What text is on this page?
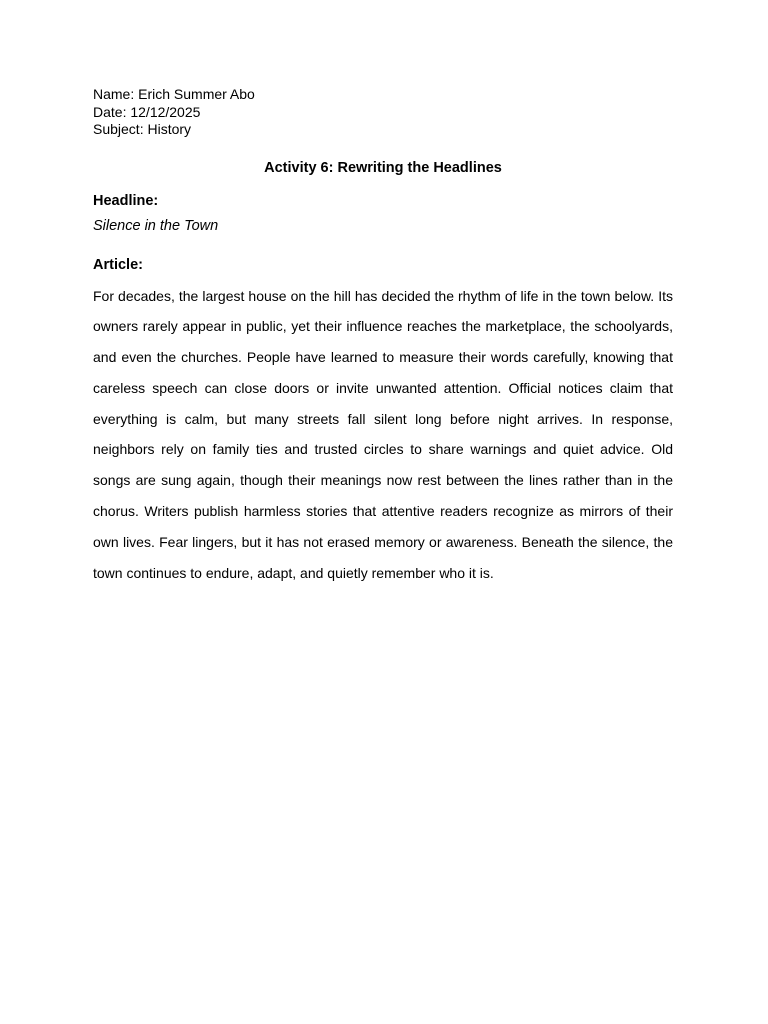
Name: Erich Summer Abo

Date: 12/12/2025

Subject: History

Activity 6: Rewriting the Headlines
Headline:

Silence in the Town

Article:

For decades, the largest house on the hill has decided the rhythm of life in the town below. Its owners rarely appear in public, yet their influence reaches the marketplace, the schoolyards, and even the churches. People have learned to measure their words carefully, knowing that careless speech can close doors or invite unwanted attention. Official notices claim that everything is calm, but many streets fall silent long before night arrives. In response, neighbors rely on family ties and trusted circles to share warnings and quiet advice. Old songs are sung again, though their meanings now rest between the lines rather than in the chorus. Writers publish harmless stories that attentive readers recognize as mirrors of their own lives. Fear lingers, but it has not erased memory or awareness. Beneath the silence, the town continues to endure, adapt, and quietly remember who it is.
